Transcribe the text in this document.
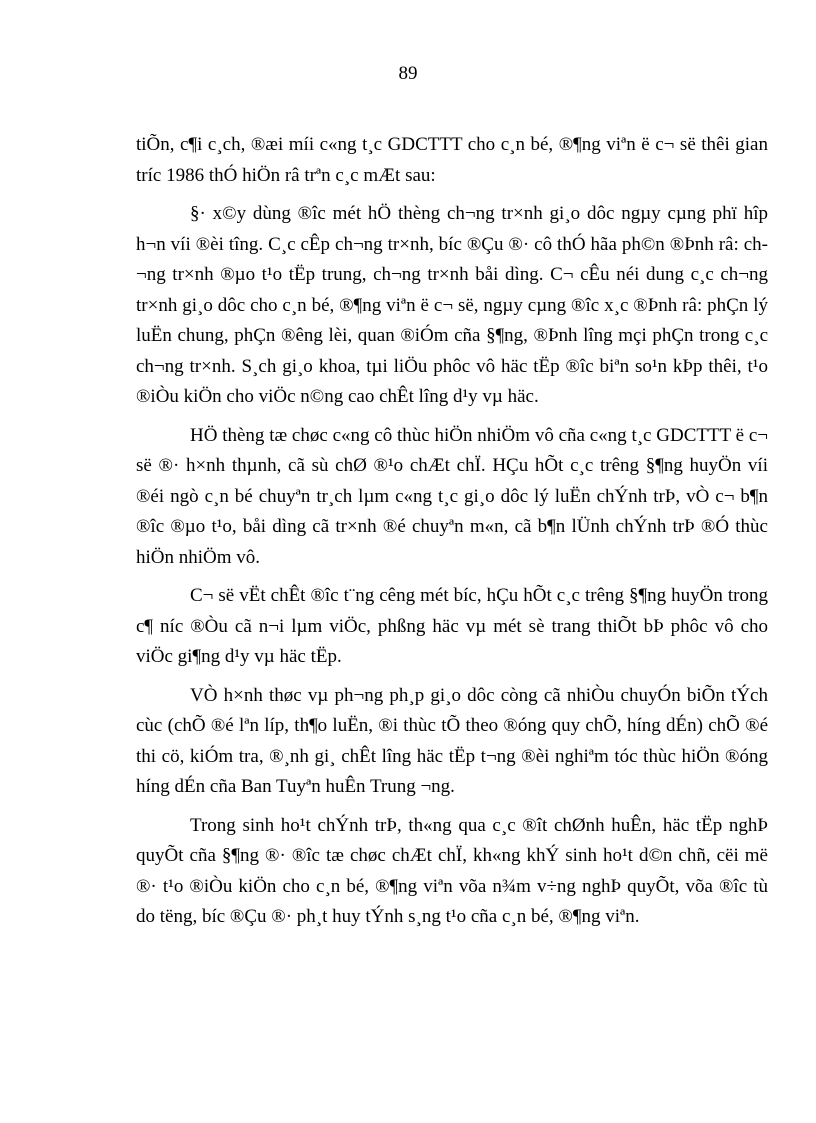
89

tiÕn, c¶i c¸ch, ®æi míi c«ng t¸c GDCTTT cho c¸n bé, ®¶ng viªn ë c¬ së thêi gian tríc 1986 thÓ hiÖn râ trªn c¸c mÆt sau:

§· x©y dùng ®îc mét hÖ thèng ch¬ng tr×nh gi¸o dôc ngµy cµng phï hîp h¬n víi ®èi tîng. C¸c cÊp ch¬ng tr×nh, bíc ®Çu ®· cô thÓ hãa ph©n ®Þnh râ: ch¬ng tr×nh ®µo t¹o tËp trung, ch¬ng tr×nh båi dìng. C¬ cÊu néi dung c¸c ch¬ng tr×nh gi¸o dôc cho c¸n bé, ®¶ng viªn ë c¬ së, ngµy cµng ®îc x¸c ®Þnh râ: phÇn lý luËn chung, phÇn ®êng lèi, quan ®iÓm cña §¶ng, ®Þnh lîng mçi phÇn trong c¸c ch¬ng tr×nh. S¸ch gi¸o khoa, tµi liÖu phôc vô häc tËp ®îc biªn so¹n kÞp thêi, t¹o ®iÒu kiÖn cho viÖc n©ng cao chÊt lîng d¹y vµ häc.

HÖ thèng tæ chøc c«ng cô thùc hiÖn nhiÖm vô cña c«ng t¸c GDCTTT ë c¬ së ®· h×nh thµnh, cã sù chØ ®¹o chÆt chÏ. HÇu hÕt c¸c trêng §¶ng huyÖn víi ®éi ngò c¸n bé chuyªn tr¸ch lµm c«ng t¸c gi¸o dôc lý luËn chÝnh trÞ, vÒ c¬ b¶n ®îc ®µo t¹o, båi dìng cã tr×nh ®é chuyªn m«n, cã b¶n lÜnh chÝnh trÞ ®Ó thùc hiÖn nhiÖm vô.

C¬ së vËt chÊt ®îc t¨ng cêng mét bíc, hÇu hÕt c¸c trêng §¶ng huyÖn trong c¶ níc ®Òu cã n¬i lµm viÖc, phßng häc vµ mét sè trang thiÕt bÞ phôc vô cho viÖc gi¶ng d¹y vµ häc tËp.

VÒ h×nh thøc vµ ph¬ng ph¸p gi¸o dôc còng cã nhiÒu chuyÓn biÕn tÝch cùc (chÕ ®é lªn líp, th¶o luËn, ®i thùc tÕ theo ®óng quy chÕ, híng dÉn) chÕ ®é thi cö, kiÓm tra, ®¸nh gi¸ chÊt lîng häc tËp t¬ng ®èi nghiªm tóc thùc hiÖn ®óng híng dÉn cña Ban Tuyªn huÊn Trung ¬ng.

Trong sinh ho¹t chÝnh trÞ, th«ng qua c¸c ®ît chØnh huÊn, häc tËp nghÞ quyÕt cña §¶ng ®· ®îc tæ chøc chÆt chÏ, kh«ng khÝ sinh ho¹t d©n chñ, cëi më ®· t¹o ®iÒu kiÖn cho c¸n bé, ®¶ng viªn võa n¾m v÷ng nghÞ quyÕt, võa ®îc tù do tëng, bíc ®Çu ®· ph¸t huy tÝnh s¸ng t¹o cña c¸n bé, ®¶ng viªn.
